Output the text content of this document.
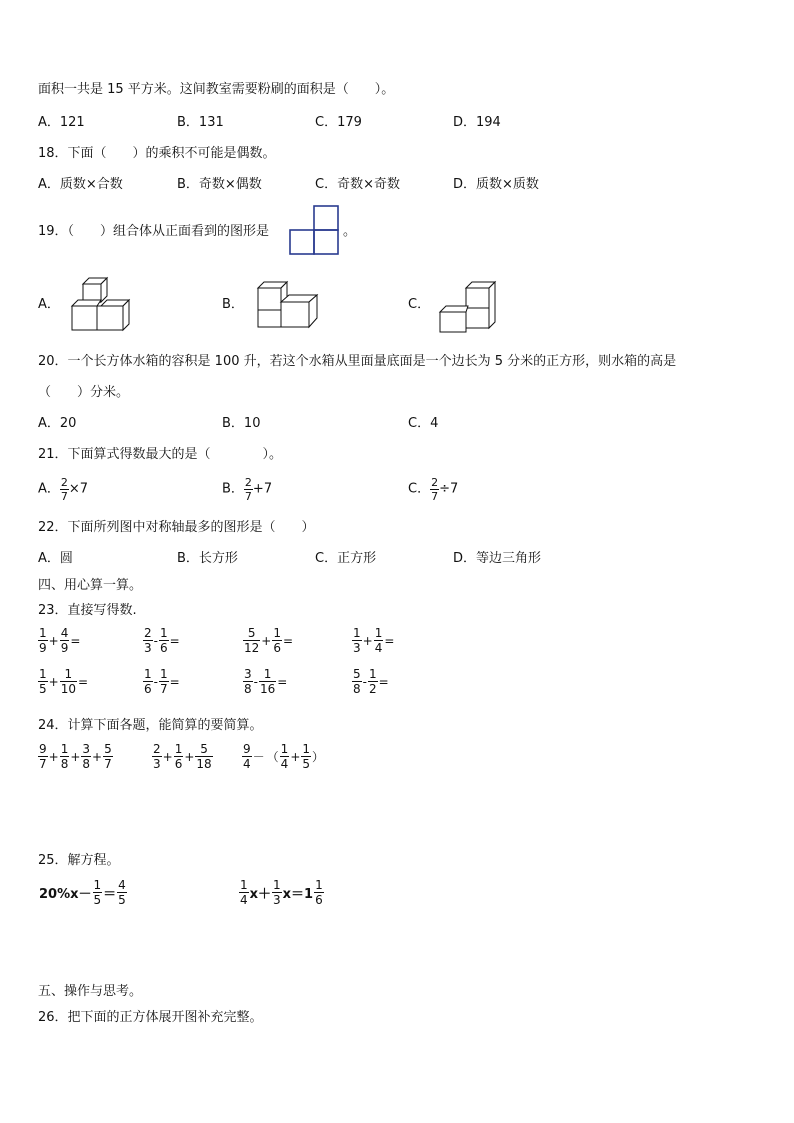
面积一共是 15 平方米。这间教室需要粉刷的面积是（　　）。
A．121	B．131	C．179	D．194
18．下面（　　）的乘积不可能是偶数。
A．质数×合数	B．奇数×偶数	C．奇数×奇数	D．质数×质数
19．（　　）组合体从正面看到的图形是	。
A．	B．	C．
20．一个长方体水箱的容积是 100 升，若这个水箱从里面量底面是一个边长为 5 分米的正方形，则水箱的高是
（　　）分米。
A．20	B．10	C．4
21．下面算式得数最大的是（　　　　）。
A． $\frac{2}{7} \times 7$	B． $\frac{2}{7} +7$	C． $\frac{2}{7} \div 7$
22．下面所列图中对称轴最多的图形是（　　）
A．圆	B．长方形	C．正方形	D．等边三角形
四、用心算一算。
23．直接写得数.
$\frac{1}{9} + \frac{4}{9}$ =	$\frac{2}{3} - \frac{1}{6}$ =	$\frac{5}{12} + \frac{1}{6}$ =	$\frac{1}{3} + \frac{1}{4}$ =
$\frac{1}{5} + \frac{1}{10}$ =	$\frac{1}{6} - \frac{1}{7}$ =	$\frac{3}{8} - \frac{1}{16}$ =	$\frac{5}{8} - \frac{1}{2}$ =
24．计算下面各题，能简算的要简算。
$\frac{9}{7} + \frac{1}{8} + \frac{3}{8} + \frac{5}{7}$	$\frac{2}{3} + \frac{1}{6} + \frac{5}{18} \frac{9}{4}$ － （ $\frac{1}{4} + \frac{1}{5}$ ）
25．解方程。
$20\%x- \frac{1}{5} = \frac{4}{5}$	$\frac{1}{4} x+ \frac{1}{3} x=1 \frac{1}{6}$
五、操作与思考。
26．把下面的正方体展开图补充完整。
